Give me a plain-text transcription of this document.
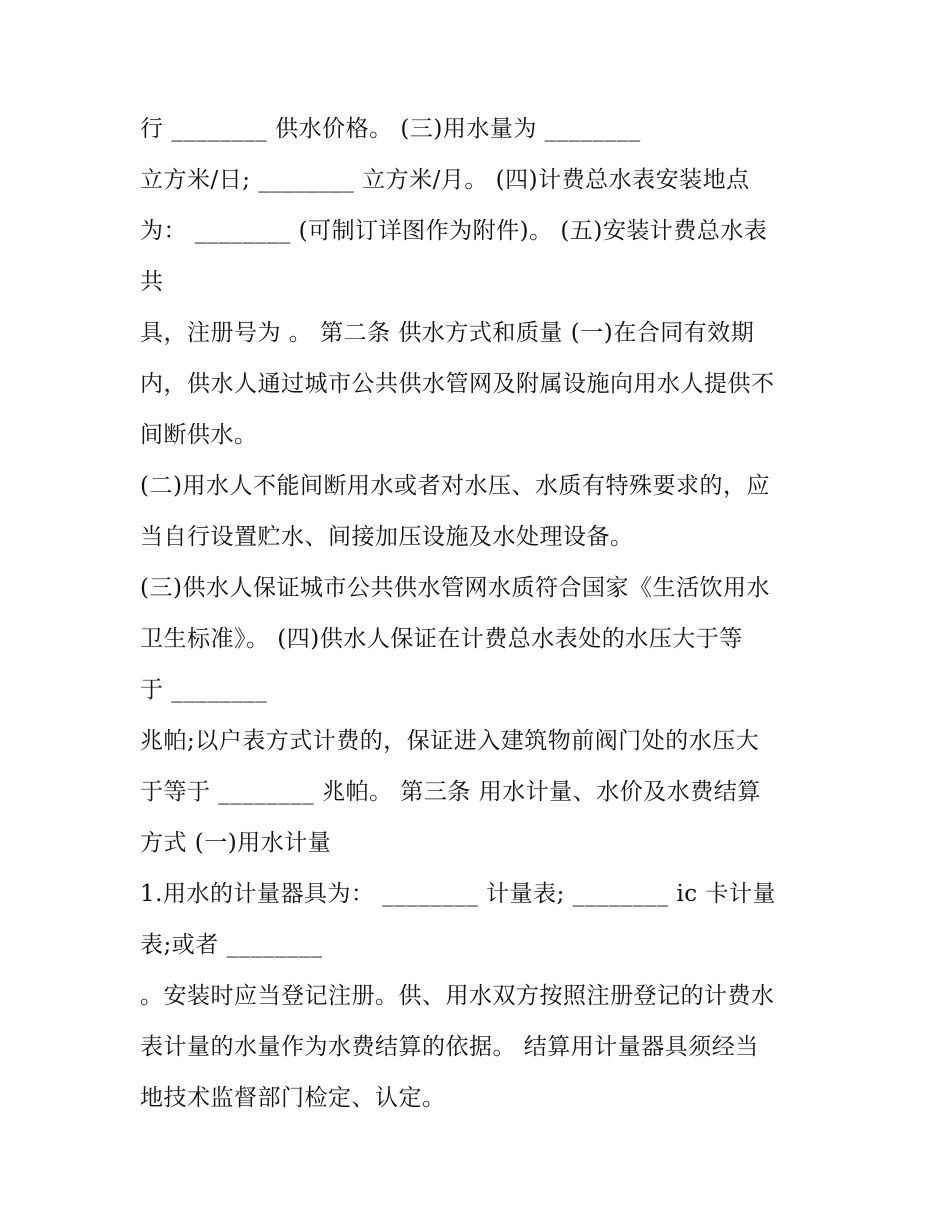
行 ________ 供水价格。 (三)用水量为 ________
立方米/日; ________ 立方米/月。 (四)计费总水表安装地点
为： ________ (可制订详图作为附件)。 (五)安装计费总水表
共
具，注册号为 。 第二条 供水方式和质量 (一)在合同有效期
内，供水人通过城市公共供水管网及附属设施向用水人提供不
间断供水。
(二)用水人不能间断用水或者对水压、水质有特殊要求的，应
当自行设置贮水、间接加压设施及水处理设备。
(三)供水人保证城市公共供水管网水质符合国家《生活饮用水
卫生标准》。 (四)供水人保证在计费总水表处的水压大于等
于 ________
兆帕;以户表方式计费的，保证进入建筑物前阀门处的水压大
于等于 ________ 兆帕。 第三条 用水计量、水价及水费结算
方式 (一)用水计量
1.用水的计量器具为： ________ 计量表; ________ ic 卡计量
表;或者 ________
。安装时应当登记注册。供、用水双方按照注册登记的计费水
表计量的水量作为水费结算的依据。 结算用计量器具须经当
地技术监督部门检定、认定。
